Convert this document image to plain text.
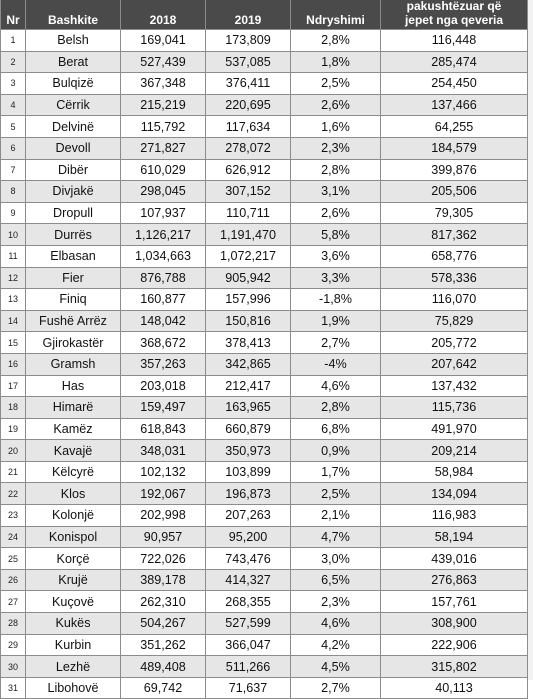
Nr	Bashkite	2018	2019	Ndryshimi	pakushtëzuar që
jepet nga qeveria
1	Belsh	169,041	173,809	2,8%	116,448
2	Berat	527,439	537,085	1,8%	285,474
3	Bulqizë	367,348	376,411	2,5%	254,450
4	Cërrik	215,219	220,695	2,6%	137,466
5	Delvinë	115,792	117,634	1,6%	64,255
6	Devoll	271,827	278,072	2,3%	184,579
7	Dibër	610,029	626,912	2,8%	399,876
8	Divjakë	298,045	307,152	3,1%	205,506
9	Dropull	107,937	110,711	2,6%	79,305
10	Durrës	1,126,217	1,191,470	5,8%	817,362
11	Elbasan	1,034,663	1,072,217	3,6%	658,776
12	Fier	876,788	905,942	3,3%	578,336
13	Finiq	160,877	157,996	-1,8%	116,070
14	Fushë Arrëz	148,042	150,816	1,9%	75,829
15	Gjirokastër	368,672	378,413	2,7%	205,772
16	Gramsh	357,263	342,865	-4%	207,642
17	Has	203,018	212,417	4,6%	137,432
18	Himarë	159,497	163,965	2,8%	115,736
19	Kamëz	618,843	660,879	6,8%	491,970
20	Kavajë	348,031	350,973	0,9%	209,214
21	Këlcyrë	102,132	103,899	1,7%	58,984
22	Klos	192,067	196,873	2,5%	134,094
23	Kolonjë	202,998	207,263	2,1%	116,983
24	Konispol	90,957	95,200	4,7%	58,194
25	Korçë	722,026	743,476	3,0%	439,016
26	Krujë	389,178	414,327	6,5%	276,863
27	Kuçovë	262,310	268,355	2,3%	157,761
28	Kukës	504,267	527,599	4,6%	308,900
29	Kurbin	351,262	366,047	4,2%	222,906
30	Lezhë	489,408	511,266	4,5%	315,802
31	Libohovë	69,742	71,637	2,7%	40,113
